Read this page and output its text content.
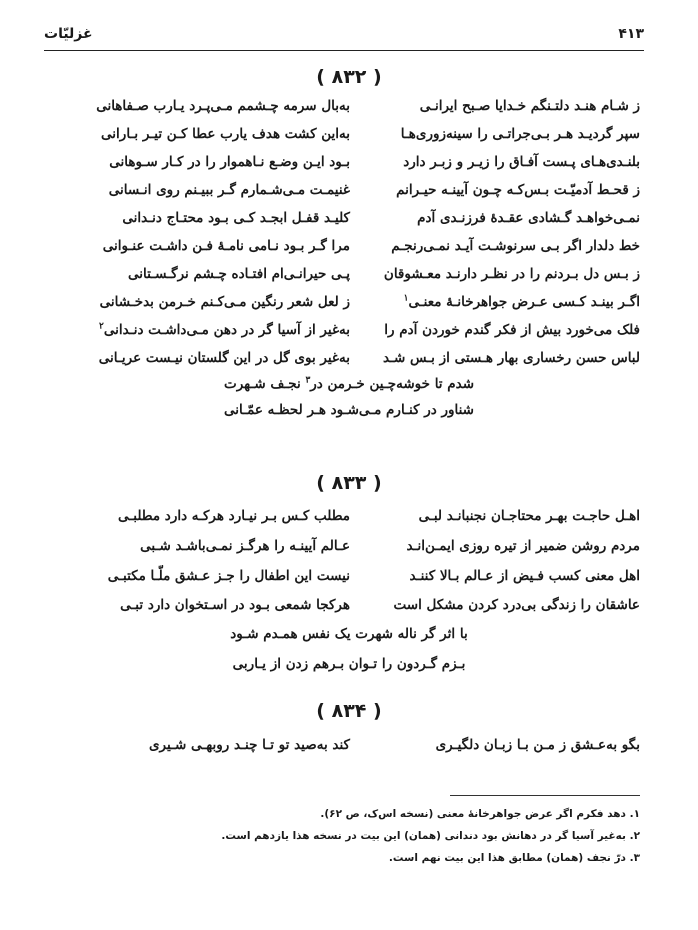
غزلیّات	۴۱۳
( ۸۳۲ )
ز شـام هنـد دلتـنگم خـدایا صـبح ایرانـی
به‌بال سرمه چـشمم مـی‌پـرد یـارب صـفاهانی
سپر گردیـد هـر بـی‌جراتـی را سینه‌زوری‌هـا
به‌این کشت هدف یارب عطا کـن تیـر بـارانی
بلنـدی‌هـای پـست آفـاق را زیـر و زبـر دارد
بـود ایـن وضـع نـاهموار را در کـار سـوهانی
ز قحـط آدمیّـت بـس‌کـه چـون آیینـه حیـرانم
غنیمـت مـی‌شـمارم گـر ببیـنم روی انـسانی
نمـی‌خواهـد گـشادی عقـدۀ فرزنـدی آدم
کلیـد قفـل ابجـد کـی بـود محتـاج دنـدانی
خط دلدار اگر بـی سرنوشـت آیـد نمـی‌رنجـم
مرا گـر بـود نـامی نامـۀ فـن داشـت عنـوانی
ز بـس دل بـردنم را در نظـر دارنـد معـشوقان
پـی حیرانـی‌ام افتـاده چـشم نرگـسـتانی
اگـر بینـد کـسی عـرض جواهرخانـۀ معنـی$^۱$
ز لعل شعر رنگین مـی‌کـنم خـرمن بدخـشانی
فلک می‌خورد بیش از فکر گندم خوردن آدم را
به‌غیر از آسیا گر در دهن مـی‌داشـت دنـدانی$^۲$
لباس حسن رخساری بهار هـستی از بـس شـد
به‌غیر بوی گل در این گلستان نیـست عریـانی
شدم تا خوشه‌چـین خـرمن در$^۳$ نجـف شـهرت
شناور در کنـارم مـی‌شـود هـر لحظـه عمّـانی
( ۸۳۳ )
اهـل حاجـت بهـر محتاجـان نجنبانـد لبـی
مطلب کـس بـر نیـارد هرکـه دارد مطلبـی
مردم روشن ضمیر از تیره روزی ایمـن‌انـد
عـالم آیینـه را هرگـز نمـی‌باشـد شـبی
اهل معنی کسب فـیض از عـالم بـالا کننـد
نیست این اطفال را جـز عـشق ملّـا مکتبـی
عاشقان را زندگی بی‌درد کردن مشکل است
هرکجا شمعی بـود در اسـتخوان دارد تبـی
با اثر گر ناله شهرت یک نفس همـدم شـود
بـزم گـردون را تـوان بـرهم زدن از یـاربی
( ۸۳۴ )
بگو به‌عـشق ز مـن بـا زبـان دلگیـری
کند به‌صید تو تـا چنـد روبهـی شـیری
۱. دهد فکرم اگر عرض جواهرخانۀ معنی (نسخه اس‌ک، ص ۶۲).
۲. به‌غیر آسیا گر در دهانش بود دندانی (همان) این بیت در نسخه هذا یازدهم است.
۳. درّ نجف (همان) مطابق هذا این بیت نهم است.
